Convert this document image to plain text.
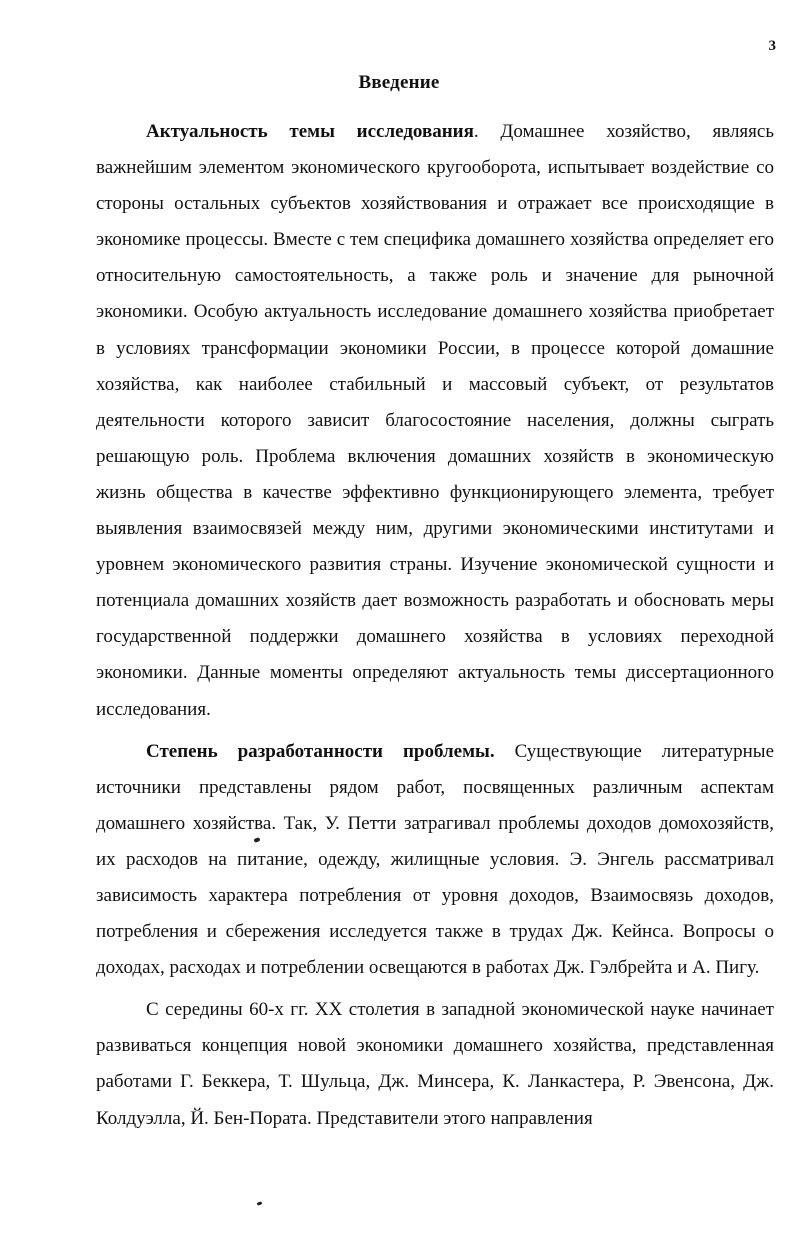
3
Введение

Актуальность темы исследования. Домашнее хозяйство, являясь важнейшим элементом экономического кругооборота, испытывает воздействие со стороны остальных субъектов хозяйствования и отражает все происходящие в экономике процессы. Вместе с тем специфика домашнего хозяйства определяет его относительную самостоятельность, а также роль и значение для рыночной экономики. Особую актуальность исследование домашнего хозяйства приобретает в условиях трансформации экономики России, в процессе которой домашние хозяйства, как наиболее стабильный и массовый субъект, от результатов деятельности которого зависит благосостояние населения, должны сыграть решающую роль. Проблема включения домашних хозяйств в экономическую жизнь общества в качестве эффективно функционирующего элемента, требует выявления взаимосвязей между ним, другими экономическими институтами и уровнем экономического развития страны. Изучение экономической сущности и потенциала домашних хозяйств дает возможность разработать и обосновать меры государственной поддержки домашнего хозяйства в условиях переходной экономики. Данные моменты определяют актуальность темы диссертационного исследования.

Степень разработанности проблемы. Существующие литературные источники представлены рядом работ, посвященных различным аспектам домашнего хозяйства. Так, У. Петти затрагивал проблемы доходов домохозяйств, их расходов на питание, одежду, жилищные условия. Э. Энгель рассматривал зависимость характера потребления от уровня доходов, Взаимосвязь доходов, потребления и сбережения исследуется также в трудах Дж. Кейнса. Вопросы о доходах, расходах и потреблении освещаются в работах Дж. Гэлбрейта и А. Пигу.

С середины 60-х гг. XX столетия в западной экономической науке начинает развиваться концепция новой экономики домашнего хозяйства, представленная работами Г. Беккера, Т. Шульца, Дж. Минсера, К. Ланкастера, Р. Эвенсона, Дж. Колдуэлла, Й. Бен-Пората. Представители этого направления
